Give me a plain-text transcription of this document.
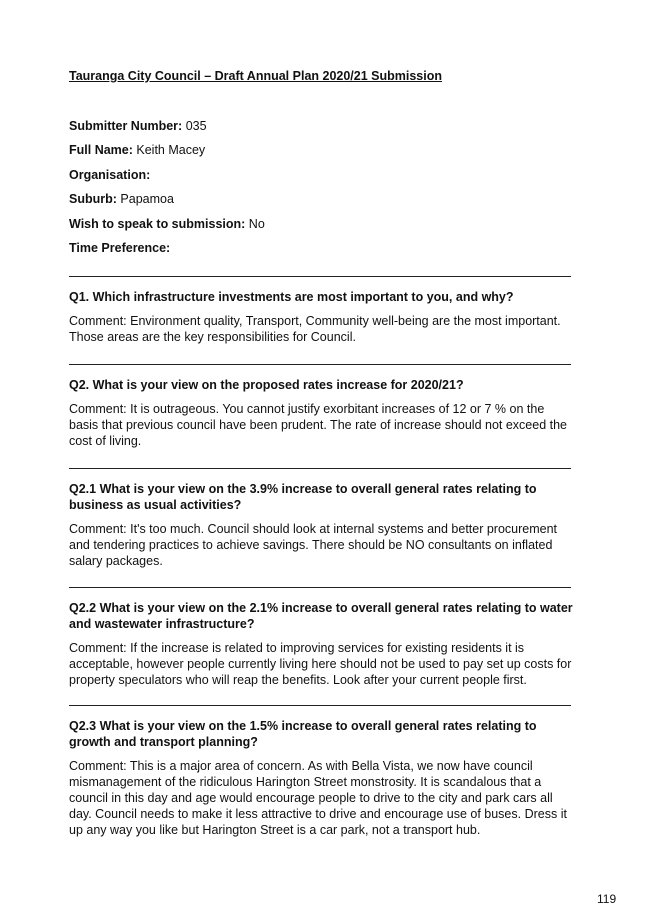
Tauranga City Council – Draft Annual Plan 2020/21 Submission
Submitter Number: 035
Full Name: Keith Macey
Organisation:
Suburb: Papamoa
Wish to speak to submission: No
Time Preference:

Q1. Which infrastructure investments are most important to you, and why?

Comment: Environment quality, Transport, Community well-being are the most important. Those areas are the key responsibilities for Council.

Q2. What is your view on the proposed rates increase for 2020/21?

Comment: It is outrageous. You cannot justify exorbitant increases of 12 or 7 % on the basis that previous council have been prudent. The rate of increase should not exceed the cost of living.

Q2.1 What is your view on the 3.9% increase to overall general rates relating to business as usual activities?

Comment: It's too much. Council should look at internal systems and better procurement and tendering practices to achieve savings. There should be NO consultants on inflated salary packages.

Q2.2 What is your view on the 2.1% increase to overall general rates relating to water and wastewater infrastructure?

Comment: If the increase is related to improving services for existing residents it is acceptable, however people currently living here should not be used to pay set up costs for property speculators who will reap the benefits. Look after your current people first.

Q2.3 What is your view on the 1.5% increase to overall general rates relating to growth and transport planning?

Comment: This is a major area of concern. As with Bella Vista, we now have council mismanagement of the ridiculous Harington Street monstrosity. It is scandalous that a council in this day and age would encourage people to drive to the city and park cars all day. Council needs to make it less attractive to drive and encourage use of buses. Dress it up any way you like but Harington Street is a car park, not a transport hub.

119
